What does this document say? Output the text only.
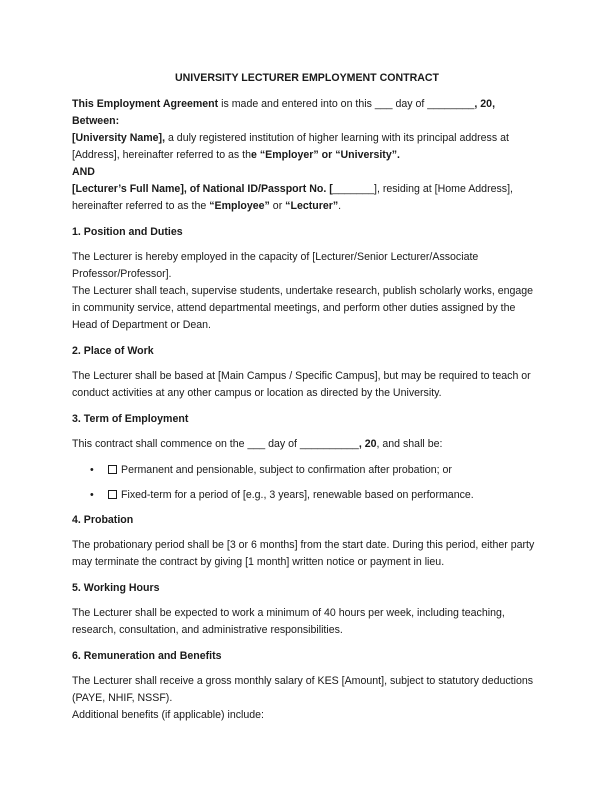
UNIVERSITY LECTURER EMPLOYMENT CONTRACT

This Employment Agreement is made and entered into on this ___ day of ________, 20,

Between:

[University Name], a duly registered institution of higher learning with its principal address at [Address], hereinafter referred to as the “Employer” or “University”.

AND

[Lecturer’s Full Name], of National ID/Passport No. [_______], residing at [Home Address], hereinafter referred to as the “Employee” or “Lecturer”.

1. Position and Duties

The Lecturer is hereby employed in the capacity of [Lecturer/Senior Lecturer/Associate Professor/Professor].

The Lecturer shall teach, supervise students, undertake research, publish scholarly works, engage in community service, attend departmental meetings, and perform other duties assigned by the Head of Department or Dean.

2. Place of Work

The Lecturer shall be based at [Main Campus / Specific Campus], but may be required to teach or conduct activities at any other campus or location as directed by the University.

3. Term of Employment

This contract shall commence on the ___ day of __________, 20, and shall be:

•	Permanent and pensionable, subject to confirmation after probation; or
•	Fixed-term for a period of [e.g., 3 years], renewable based on performance.

4. Probation

The probationary period shall be [3 or 6 months] from the start date. During this period, either party may terminate the contract by giving [1 month] written notice or payment in lieu.

5. Working Hours

The Lecturer shall be expected to work a minimum of 40 hours per week, including teaching, research, consultation, and administrative responsibilities.

6. Remuneration and Benefits

The Lecturer shall receive a gross monthly salary of KES [Amount], subject to statutory deductions (PAYE, NHIF, NSSF).

Additional benefits (if applicable) include:
